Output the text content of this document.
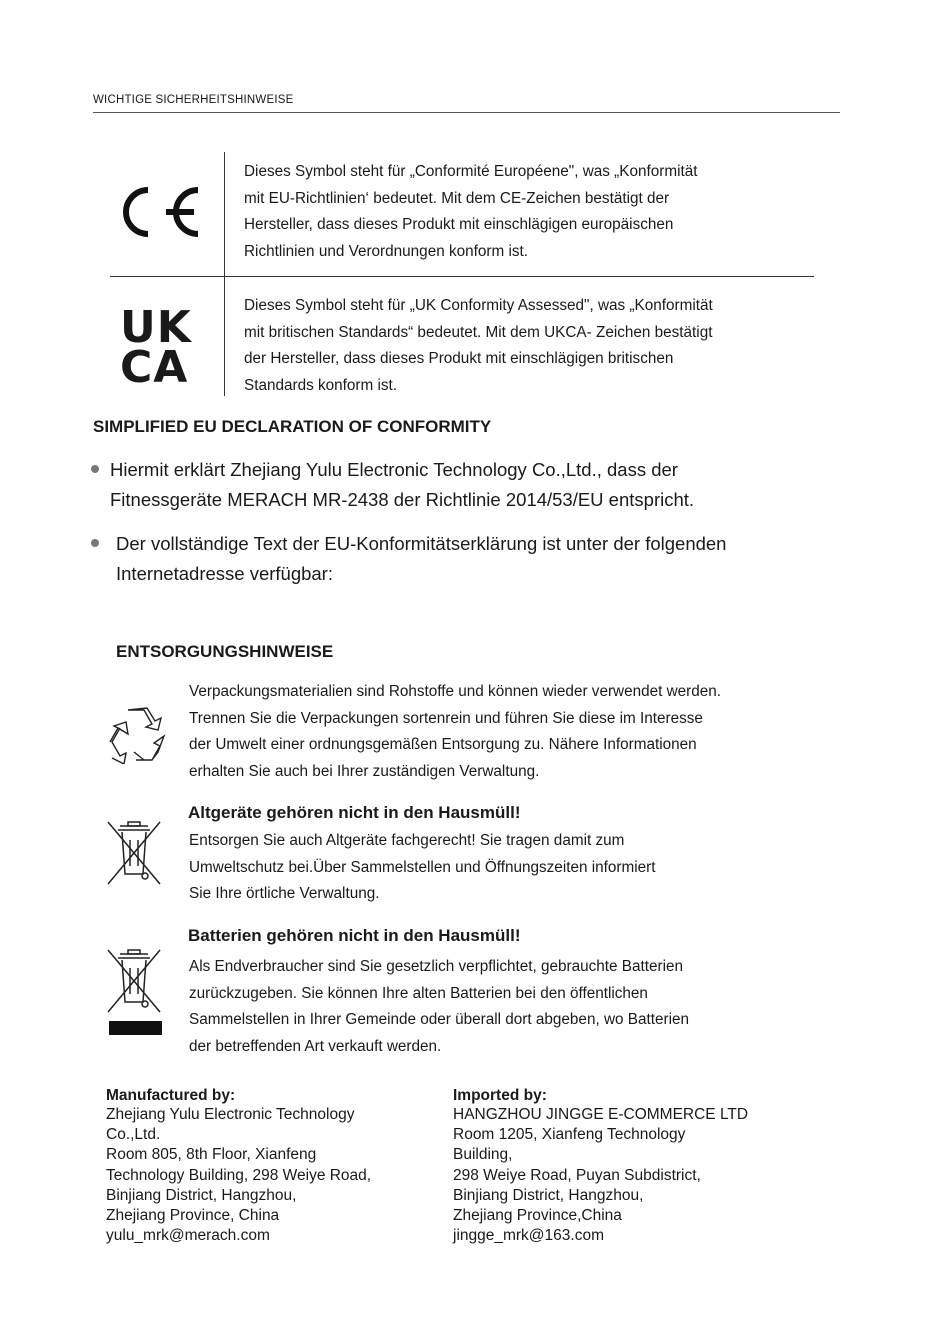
WICHTIGE SICHERHEITSHINWEISE
Dieses Symbol steht für „Conformité Européene", was „Konformität
mit EU-Richtlinien‘ bedeutet. Mit dem CE-Zeichen bestätigt der
Hersteller, dass dieses Produkt mit einschlägigen europäischen
Richtlinien und Verordnungen konform ist.
UK
CA
Dieses Symbol steht für „UK Conformity Assessed", was „Konformität
mit britischen Standards“ bedeutet. Mit dem UKCA- Zeichen bestätigt
der Hersteller, dass dieses Produkt mit einschlägigen britischen
Standards konform ist.
SIMPLIFIED EU DECLARATION OF CONFORMITY
Hiermit erklärt Zhejiang Yulu Electronic Technology Co.,Ltd., dass der
Fitnessgeräte MERACH MR-2438 der Richtlinie 2014/53/EU entspricht.
Der vollständige Text der EU-Konformitätserklärung ist unter der folgenden
Internetadresse verfügbar:
ENTSORGUNGSHINWEISE
Verpackungsmaterialien sind Rohstoffe und können wieder verwendet werden.
Trennen Sie die Verpackungen sortenrein und führen Sie diese im Interesse
der Umwelt einer ordnungsgemäßen Entsorgung zu. Nähere Informationen
erhalten Sie auch bei Ihrer zuständigen Verwaltung.
Altgeräte gehören nicht in den Hausmüll!
Entsorgen Sie auch Altgeräte fachgerecht! Sie tragen damit zum
Umweltschutz bei.Über Sammelstellen und Öffnungszeiten informiert
Sie Ihre örtliche Verwaltung.
Batterien gehören nicht in den Hausmüll!
Als Endverbraucher sind Sie gesetzlich verpflichtet, gebrauchte Batterien
zurückzugeben. Sie können Ihre alten Batterien bei den öffentlichen
Sammelstellen in Ihrer Gemeinde oder überall dort abgeben, wo Batterien
der betreffenden Art verkauft werden.
Manufactured by:
Zhejiang Yulu Electronic Technology
Co.,Ltd.
Room 805, 8th Floor, Xianfeng
Technology Building, 298 Weiye Road,
Binjiang District, Hangzhou,
Zhejiang Province, China
yulu_mrk@merach.com
Imported by:
HANGZHOU JINGGE E-COMMERCE LTD
Room 1205, Xianfeng Technology
Building,
298 Weiye Road, Puyan Subdistrict,
Binjiang District, Hangzhou,
Zhejiang Province,China
jingge_mrk@163.com
